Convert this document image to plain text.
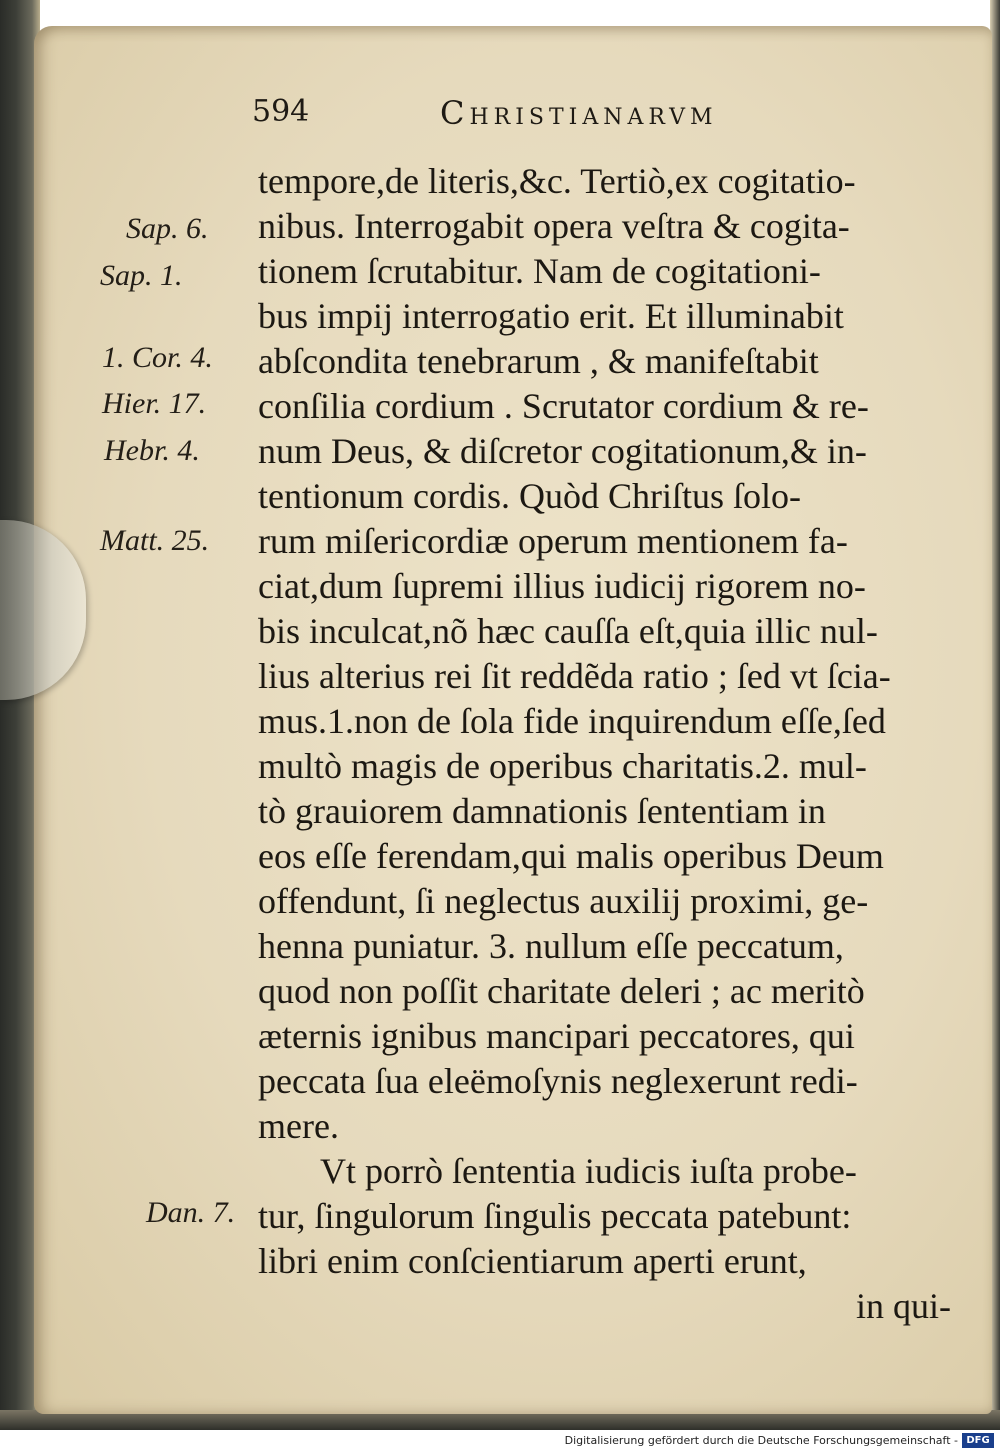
594	Christianarvm
Sap. 6.
Sap. 1.
1. Cor. 4.
Hier. 17.
Hebr. 4.
Matt. 25.
Dan. 7.
tempore,de literis,&c. Tertiò,ex cogitatio-
nibus. Interrogabit opera veſtra & cogita-
tionem ſcrutabitur. Nam de cogitationi-
bus impij interrogatio erit. Et illuminabit
abſcondita tenebrarum , & manifeſtabit
conſilia cordium . Scrutator cordium & re-
num Deus, & diſcretor cogitationum,& in-
tentionum cordis. Quòd Chriſtus ſolo-
rum miſericordiæ operum mentionem fa-
ciat,dum ſupremi illius iudicij rigorem no-
bis inculcat,nõ hæc cauſſa eſt,quia illic nul-
lius alterius rei ſit reddẽda ratio ; ſed vt ſcia-
mus.1.non de ſola fide inquirendum eſſe,ſed
multò magis de operibus charitatis.2. mul-
tò grauiorem damnationis ſententiam in
eos eſſe ferendam,qui malis operibus Deum
offendunt, ſi neglectus auxilij proximi, ge-
henna puniatur. 3. nullum eſſe peccatum,
quod non poſſit charitate deleri ; ac meritò
æternis ignibus mancipari peccatores, qui
peccata ſua eleëmoſynis neglexerunt redi-
mere.
Vt porrò ſententia iudicis iuſta probe-
tur, ſingulorum ſingulis peccata patebunt:
libri enim conſcientiarum aperti erunt,
in qui-
Digitalisierung gefördert durch die Deutsche Forschungsgemeinschaft - DFG
